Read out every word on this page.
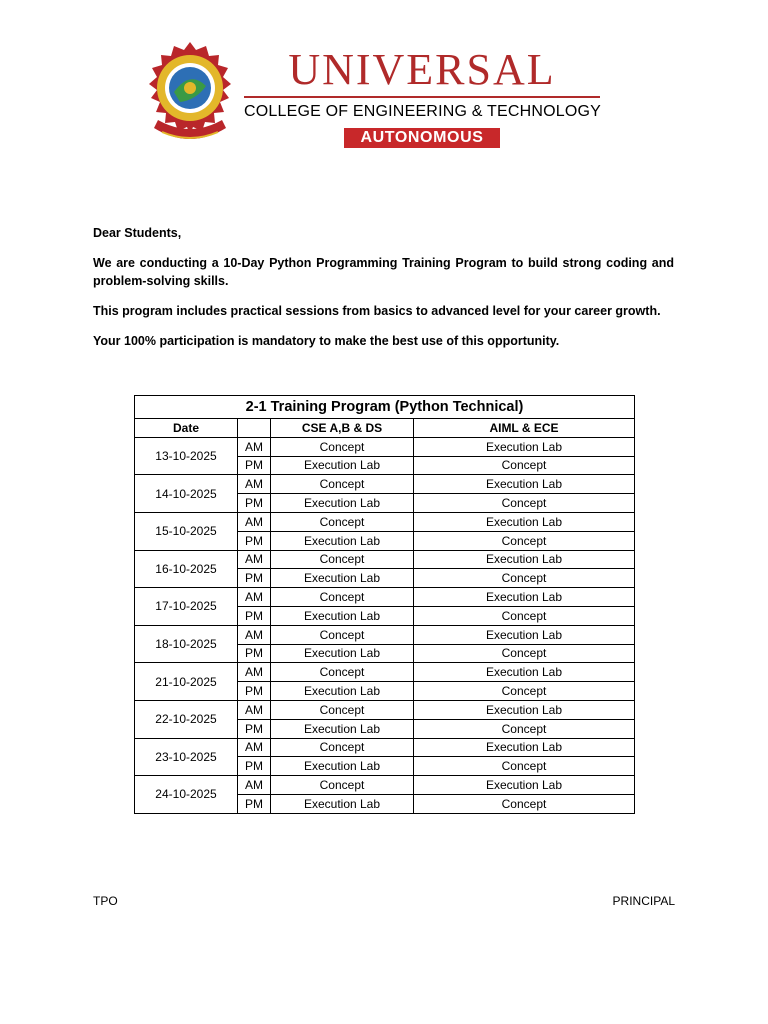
UNIVERSAL
COLLEGE OF ENGINEERING & TECHNOLOGY
AUTONOMOUS

Dear Students,

We are conducting a 10-Day Python Programming Training Program to build strong coding and problem-solving skills.

This program includes practical sessions from basics to advanced level for your career growth.

Your 100% participation is mandatory to make the best use of this opportunity.

2-1 Training Program (Python Technical)			
Date		CSE A,B & DS	AIML & ECE
13-10-2025	AM	Concept	Execution Lab
	PM	Execution Lab	Concept
14-10-2025	AM	Concept	Execution Lab
	PM	Execution Lab	Concept
15-10-2025	AM	Concept	Execution Lab
	PM	Execution Lab	Concept
16-10-2025	AM	Concept	Execution Lab
	PM	Execution Lab	Concept
17-10-2025	AM	Concept	Execution Lab
	PM	Execution Lab	Concept
18-10-2025	AM	Concept	Execution Lab
	PM	Execution Lab	Concept
21-10-2025	AM	Concept	Execution Lab
	PM	Execution Lab	Concept
22-10-2025	AM	Concept	Execution Lab
	PM	Execution Lab	Concept
23-10-2025	AM	Concept	Execution Lab
	PM	Execution Lab	Concept
24-10-2025	AM	Concept	Execution Lab
	PM	Execution Lab	Concept

TPO	PRINCIPAL
